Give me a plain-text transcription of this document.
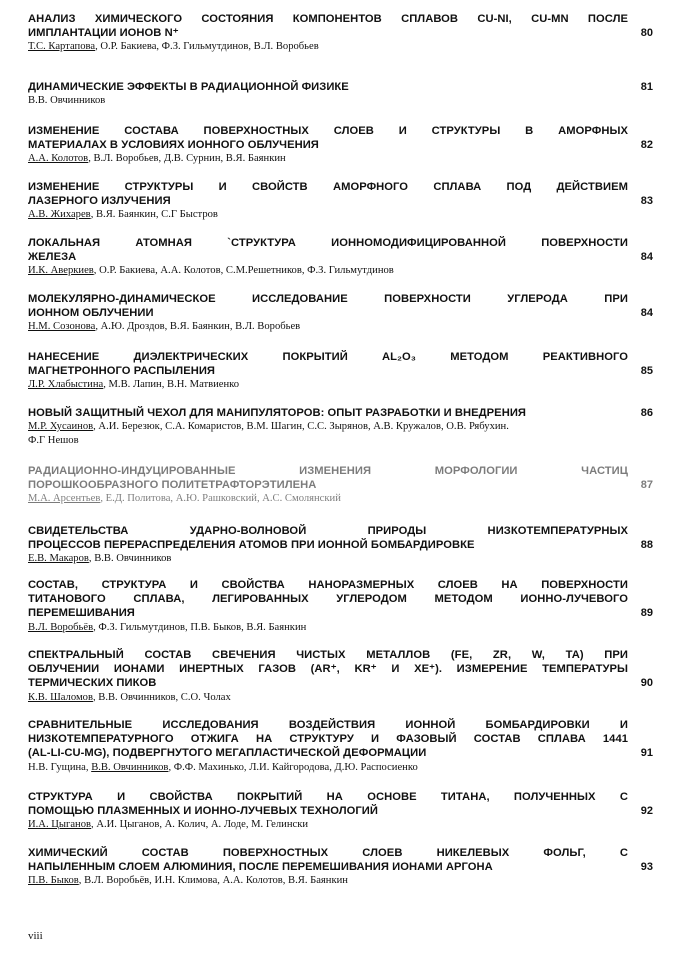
АНАЛИЗ ХИМИЧЕСКОГО СОСТОЯНИЯ КОМПОНЕНТОВ СПЛАВОВ CU-NI, CU-MN ПОСЛЕ
ИМПЛАНТАЦИИ ИОНОВ N⁺	80
Т.С. Картапова, О.Р. Бакиева, Ф.З. Гильмутдинов, В.Л. Воробьев
ДИНАМИЧЕСКИЕ ЭФФЕКТЫ В РАДИАЦИОННОЙ ФИЗИКЕ	81
В.В. Овчинников
ИЗМЕНЕНИЕ СОСТАВА ПОВЕРХНОСТНЫХ СЛОЕВ И СТРУКТУРЫ В АМОРФНЫХ
МАТЕРИАЛАХ В УСЛОВИЯХ ИОННОГО ОБЛУЧЕНИЯ	82
А.А. Колотов, В.Л. Воробьев, Д.В. Сурнин, В.Я. Баянкин
ИЗМЕНЕНИЕ СТРУКТУРЫ И СВОЙСТВ АМОРФНОГО СПЛАВА ПОД ДЕЙСТВИЕМ
ЛАЗЕРНОГО ИЗЛУЧЕНИЯ	83
А.В. Жихарев, В.Я. Баянкин, С.Г Быстров
ЛОКАЛЬНАЯ АТОМНАЯ `СТРУКТУРА ИОННОМОДИФИЦИРОВАННОЙ ПОВЕРХНОСТИ
ЖЕЛЕЗА	84
И.К. Аверкиев, О.Р. Бакиева, А.А. Колотов, С.М.Решетников, Ф.З. Гильмутдинов
МОЛЕКУЛЯРНО-ДИНАМИЧЕСКОЕ ИССЛЕДОВАНИЕ ПОВЕРХНОСТИ УГЛЕРОДА ПРИ
ИОННОМ ОБЛУЧЕНИИ	84
Н.М. Созонова, А.Ю. Дроздов, В.Я. Баянкин, В.Л. Воробьев
НАНЕСЕНИЕ ДИЭЛЕКТРИЧЕСКИХ ПОКРЫТИЙ AL₂O₃ МЕТОДОМ РЕАКТИВНОГО
МАГНЕТРОННОГО РАСПЫЛЕНИЯ	85
Л.Р. Хлабыстина, М.В. Лапин, В.Н. Матвиенко
НОВЫЙ ЗАЩИТНЫЙ ЧЕХОЛ ДЛЯ МАНИПУЛЯТОРОВ: ОПЫТ РАЗРАБОТКИ И ВНЕДРЕНИЯ	86
М.Р. Хусаинов, А.И. Березюк, С.А. Комаристов, В.М. Шагин, С.С. Зырянов, А.В. Кружалов, О.В. Рябухин.
Ф.Г Нешов
РАДИАЦИОННО-ИНДУЦИРОВАННЫЕ ИЗМЕНЕНИЯ МОРФОЛОГИИ ЧАСТИЦ
ПОРОШКООБРАЗНОГО ПОЛИТЕТРАФТОРЭТИЛЕНА	87
М.А. Арсентьев, Е.Д. Политова, А.Ю. Рашковский, А.С. Смолянский
СВИДЕТЕЛЬСТВА УДАРНО-ВОЛНОВОЙ ПРИРОДЫ НИЗКОТЕМПЕРАТУРНЫХ
ПРОЦЕССОВ ПЕРЕРАСПРЕДЕЛЕНИЯ АТОМОВ ПРИ ИОННОЙ БОМБАРДИРОВКЕ	88
Е.В. Макаров, В.В. Овчинников
СОСТАВ, СТРУКТУРА И СВОЙСТВА НАНОРАЗМЕРНЫХ СЛОЕВ НА ПОВЕРХНОСТИ
ТИТАНОВОГО СПЛАВА, ЛЕГИРОВАННЫХ УГЛЕРОДОМ МЕТОДОМ ИОННО-ЛУЧЕВОГО
ПЕРЕМЕШИВАНИЯ	89
В.Л. Воробьёв, Ф.З. Гильмутдинов, П.В. Быков, В.Я. Баянкин
СПЕКТРАЛЬНЫЙ СОСТАВ СВЕЧЕНИЯ ЧИСТЫХ МЕТАЛЛОВ (FE, ZR, W, TA) ПРИ
ОБЛУЧЕНИИ ИОНАМИ ИНЕРТНЫХ ГАЗОВ (AR⁺, KR⁺ И XE⁺). ИЗМЕРЕНИЕ ТЕМПЕРАТУРЫ
ТЕРМИЧЕСКИХ ПИКОВ	90
К.В. Шаломов, В.В. Овчинников, С.О. Чолах
СРАВНИТЕЛЬНЫЕ ИССЛЕДОВАНИЯ ВОЗДЕЙСТВИЯ ИОННОЙ БОМБАРДИРОВКИ И
НИЗКОТЕМПЕРАТУРНОГО ОТЖИГА НА СТРУКТУРУ И ФАЗОВЫЙ СОСТАВ СПЛАВА 1441
(AL-LI-CU-MG), ПОДВЕРГНУТОГО МЕГАПЛАСТИЧЕСКОЙ ДЕФОРМАЦИИ	91
Н.В. Гущина, В.В. Овчинников, Ф.Ф. Махинько, Л.И. Кайгородова, Д.Ю. Распосиенко
СТРУКТУРА И СВОЙСТВА ПОКРЫТИЙ НА ОСНОВЕ ТИТАНА, ПОЛУЧЕННЫХ С
ПОМОЩЬЮ ПЛАЗМЕННЫХ И ИОННО-ЛУЧЕВЫХ ТЕХНОЛОГИЙ	92
И.А. Цыганов, А.И. Цыганов, А. Колич, А. Лоде, М. Гелински
ХИМИЧЕСКИЙ СОСТАВ ПОВЕРХНОСТНЫХ СЛОЕВ НИКЕЛЕВЫХ ФОЛЬГ, С
НАПЫЛЕННЫМ СЛОЕМ АЛЮМИНИЯ, ПОСЛЕ ПЕРЕМЕШИВАНИЯ ИОНАМИ АРГОНА	93
П.В. Быков, В.Л. Воробьёв, И.Н. Климова, А.А. Колотов, В.Я. Баянкин
viii
